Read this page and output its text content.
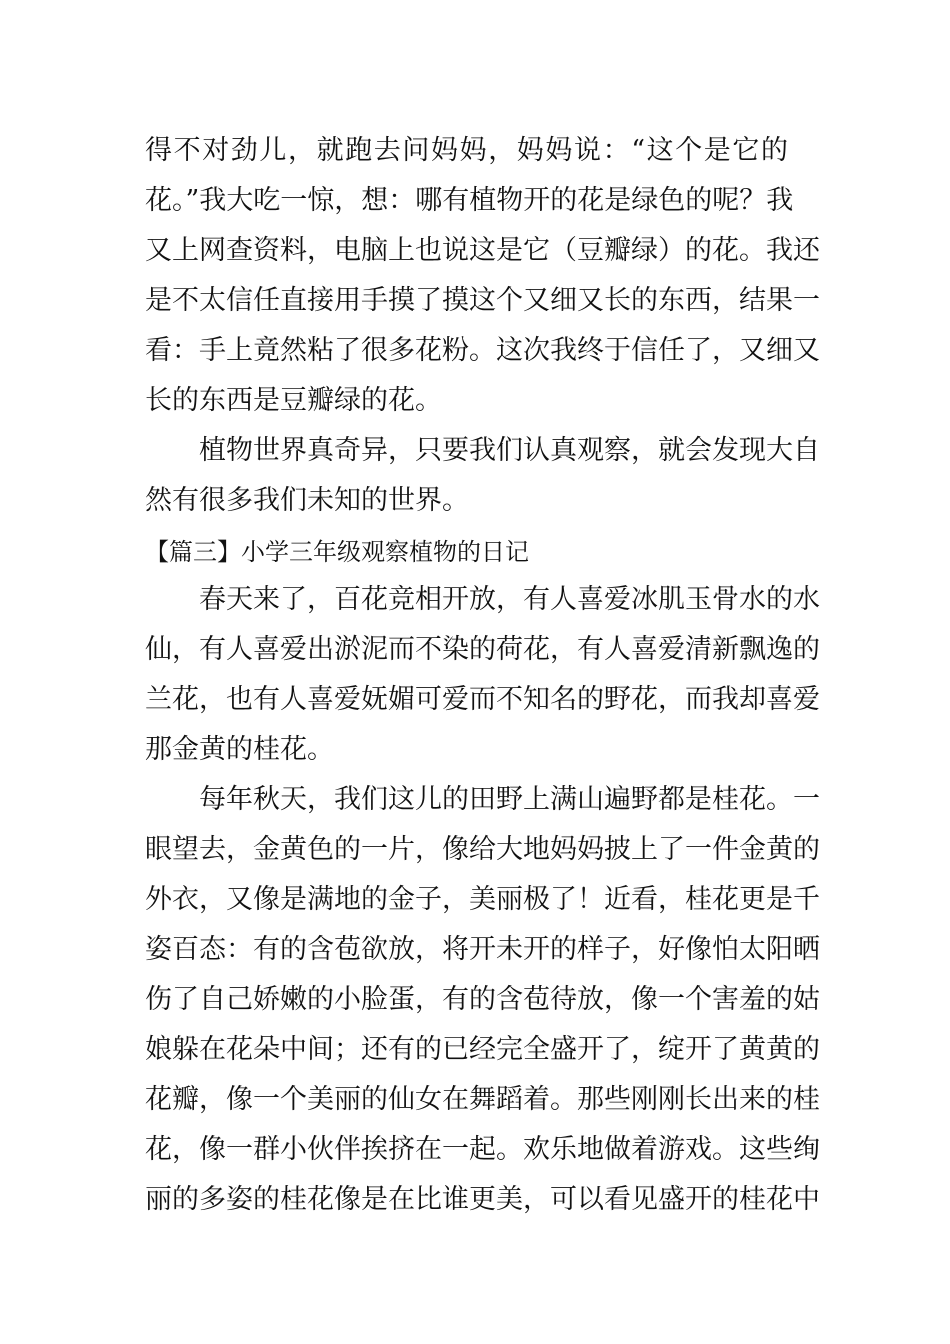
得不对劲儿，就跑去问妈妈，妈妈说：“这个是它的
花。”我大吃一惊，想：哪有植物开的花是绿色的呢？我
又上网查资料，电脑上也说这是它（豆瓣绿）的花。我还
是不太信任直接用手摸了摸这个又细又长的东西，结果一
看：手上竟然粘了很多花粉。这次我终于信任了，又细又
长的东西是豆瓣绿的花。
植物世界真奇异，只要我们认真观察，就会发现大自
然有很多我们未知的世界。
【篇三】小学三年级观察植物的日记
春天来了，百花竞相开放，有人喜爱冰肌玉骨水的水
仙，有人喜爱出淤泥而不染的荷花，有人喜爱清新飘逸的
兰花，也有人喜爱妩媚可爱而不知名的野花，而我却喜爱
那金黄的桂花。
每年秋天，我们这儿的田野上满山遍野都是桂花。一
眼望去，金黄色的一片，像给大地妈妈披上了一件金黄的
外衣，又像是满地的金子，美丽极了！近看，桂花更是千
姿百态：有的含苞欲放，将开未开的样子，好像怕太阳晒
伤了自己娇嫩的小脸蛋，有的含苞待放，像一个害羞的姑
娘躲在花朵中间；还有的已经完全盛开了，绽开了黄黄的
花瓣，像一个美丽的仙女在舞蹈着。那些刚刚长出来的桂
花，像一群小伙伴挨挤在一起。欢乐地做着游戏。这些绚
丽的多姿的桂花像是在比谁更美，可以看见盛开的桂花中
